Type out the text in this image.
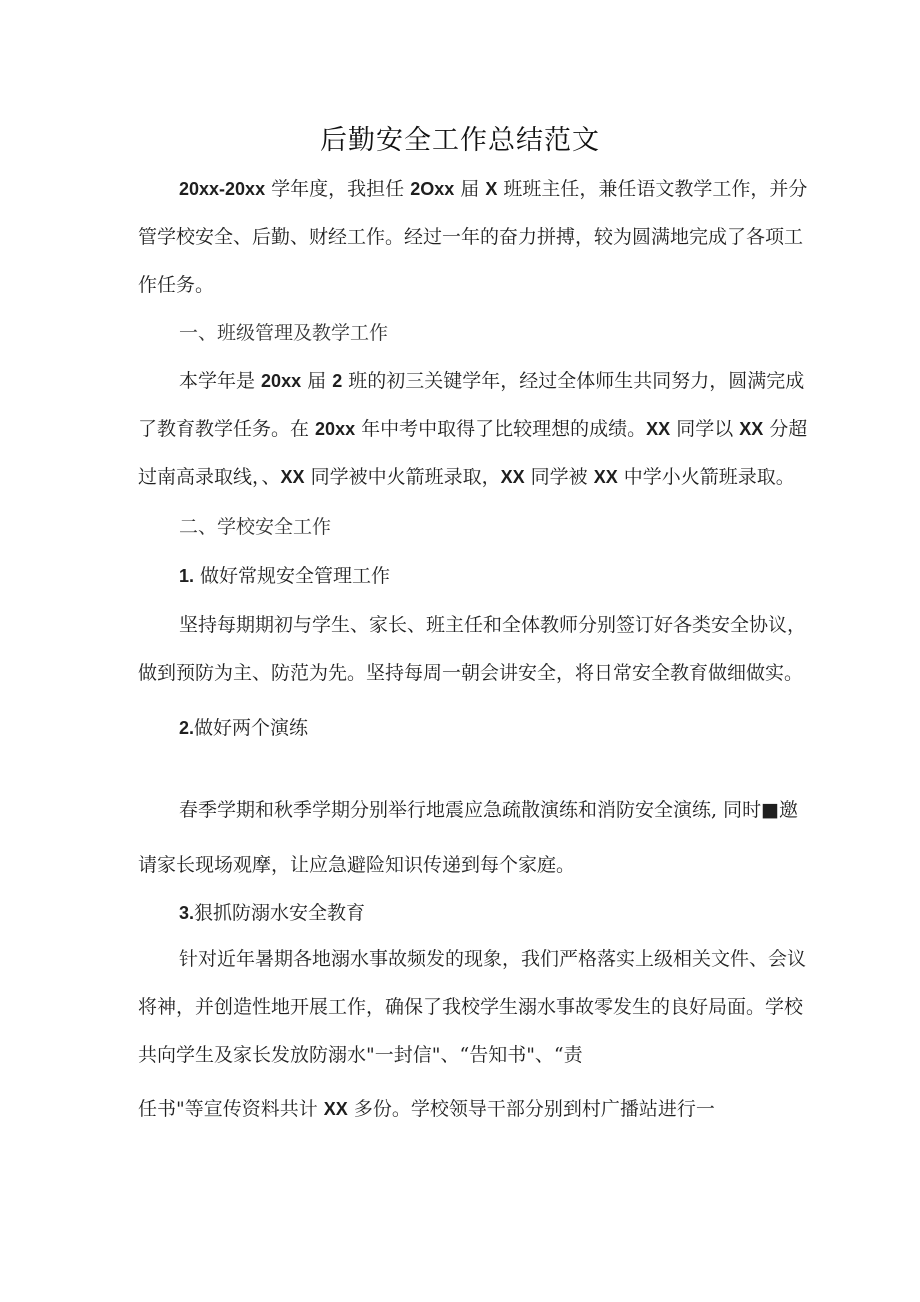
后勤安全工作总结范文
20xx-20xx 学年度，我担任 2Oxx 届 X 班班主任，兼任语文教学工作，并分
管学校安全、后勤、财经工作。经过一年的奋力拼搏，较为圆满地完成了各项工
作任务。
一、班级管理及教学工作
本学年是 20xx 届 2 班的初三关键学年，经过全体师生共同努力，圆满完成
了教育教学任务。在 20xx 年中考中取得了比较理想的成绩。XX 同学以 XX 分超
过南高录取线，、XX 同学被中火箭班录取，XX 同学被 XX 中学小火箭班录取。
二、学校安全工作
1. 做好常规安全管理工作
坚持每期期初与学生、家长、班主任和全体教师分别签订好各类安全协议，
做到预防为主、防范为先。坚持每周一朝会讲安全，将日常安全教育做细做实。
2.做好两个演练
春季学期和秋季学期分别举行地震应急疏散演练和消防安全演练, 同时■邀
请家长现场观摩，让应急避险知识传递到每个家庭。
3.狠抓防溺水安全教育
针对近年暑期各地溺水事故频发的现象，我们严格落实上级相关文件、会议
将神，并创造性地开展工作，确保了我校学生溺水事故零发生的良好局面。学校
共向学生及家长发放防溺水"一封信"、“告知书"、“责
任书"等宣传资料共计 XX 多份。学校领导干部分别到村广播站进行一
